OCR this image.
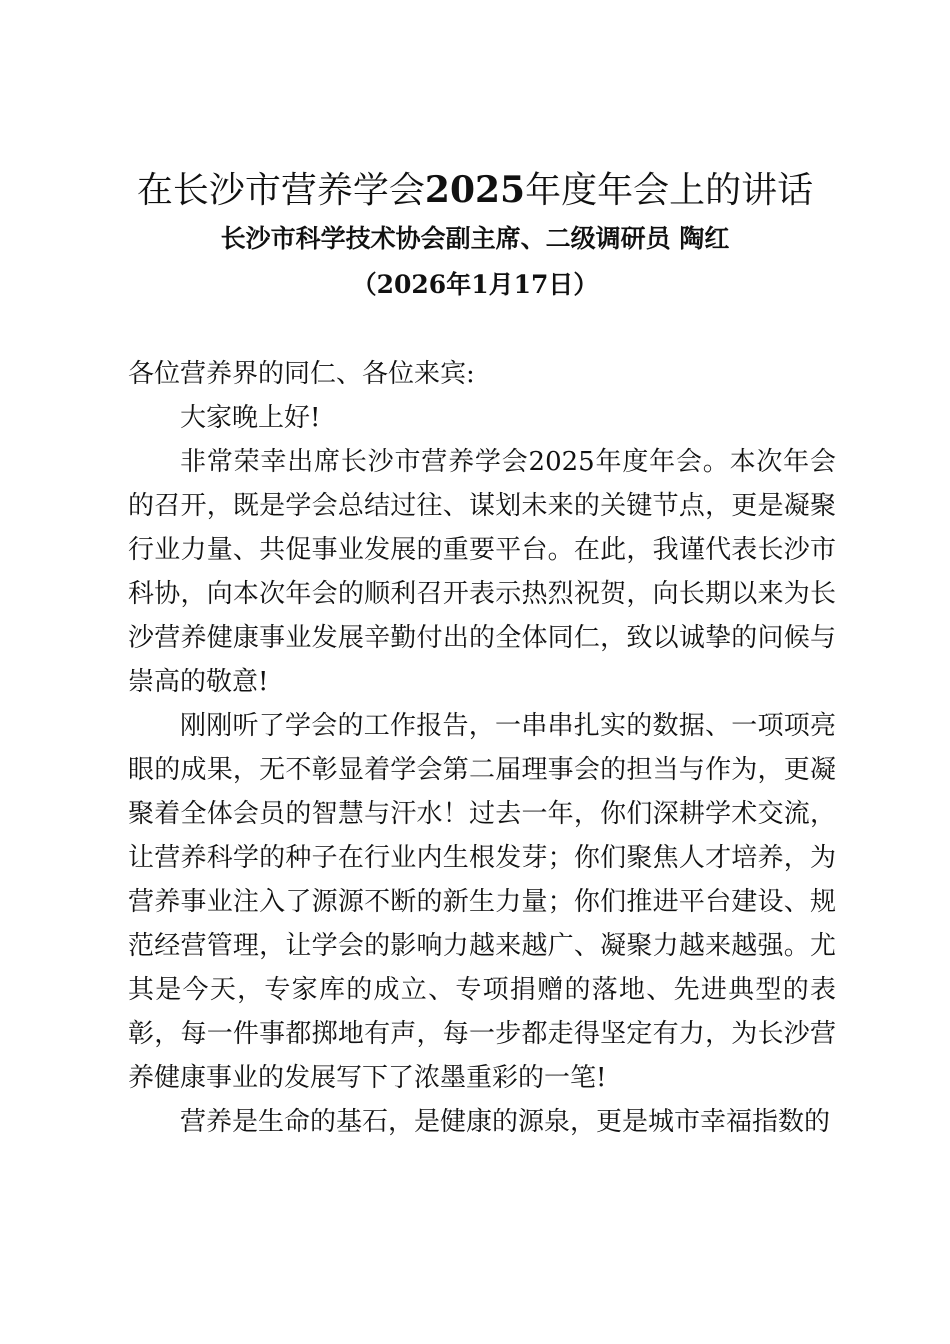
在长沙市营养学会2025年度年会上的讲话
长沙市科学技术协会副主席、二级调研员 陶红
（2026年1月17日）

各位营养界的同仁、各位来宾:

大家晚上好!

非常荣幸出席长沙市营养学会2025年度年会。本次年会的召开，既是学会总结过往、谋划未来的关键节点，更是凝聚行业力量、共促事业发展的重要平台。在此，我谨代表长沙市科协，向本次年会的顺利召开表示热烈祝贺，向长期以来为长沙营养健康事业发展辛勤付出的全体同仁，致以诚挚的问候与崇高的敬意!

刚刚听了学会的工作报告，一串串扎实的数据、一项项亮眼的成果，无不彰显着学会第二届理事会的担当与作为，更凝聚着全体会员的智慧与汗水！过去一年，你们深耕学术交流，让营养科学的种子在行业内生根发芽；你们聚焦人才培养，为营养事业注入了源源不断的新生力量；你们推进平台建设、规范经营管理，让学会的影响力越来越广、凝聚力越来越强。尤其是今天，专家库的成立、专项捐赠的落地、先进典型的表彰，每一件事都掷地有声，每一步都走得坚定有力，为长沙营养健康事业的发展写下了浓墨重彩的一笔!

营养是生命的基石，是健康的源泉，更是城市幸福指数的
